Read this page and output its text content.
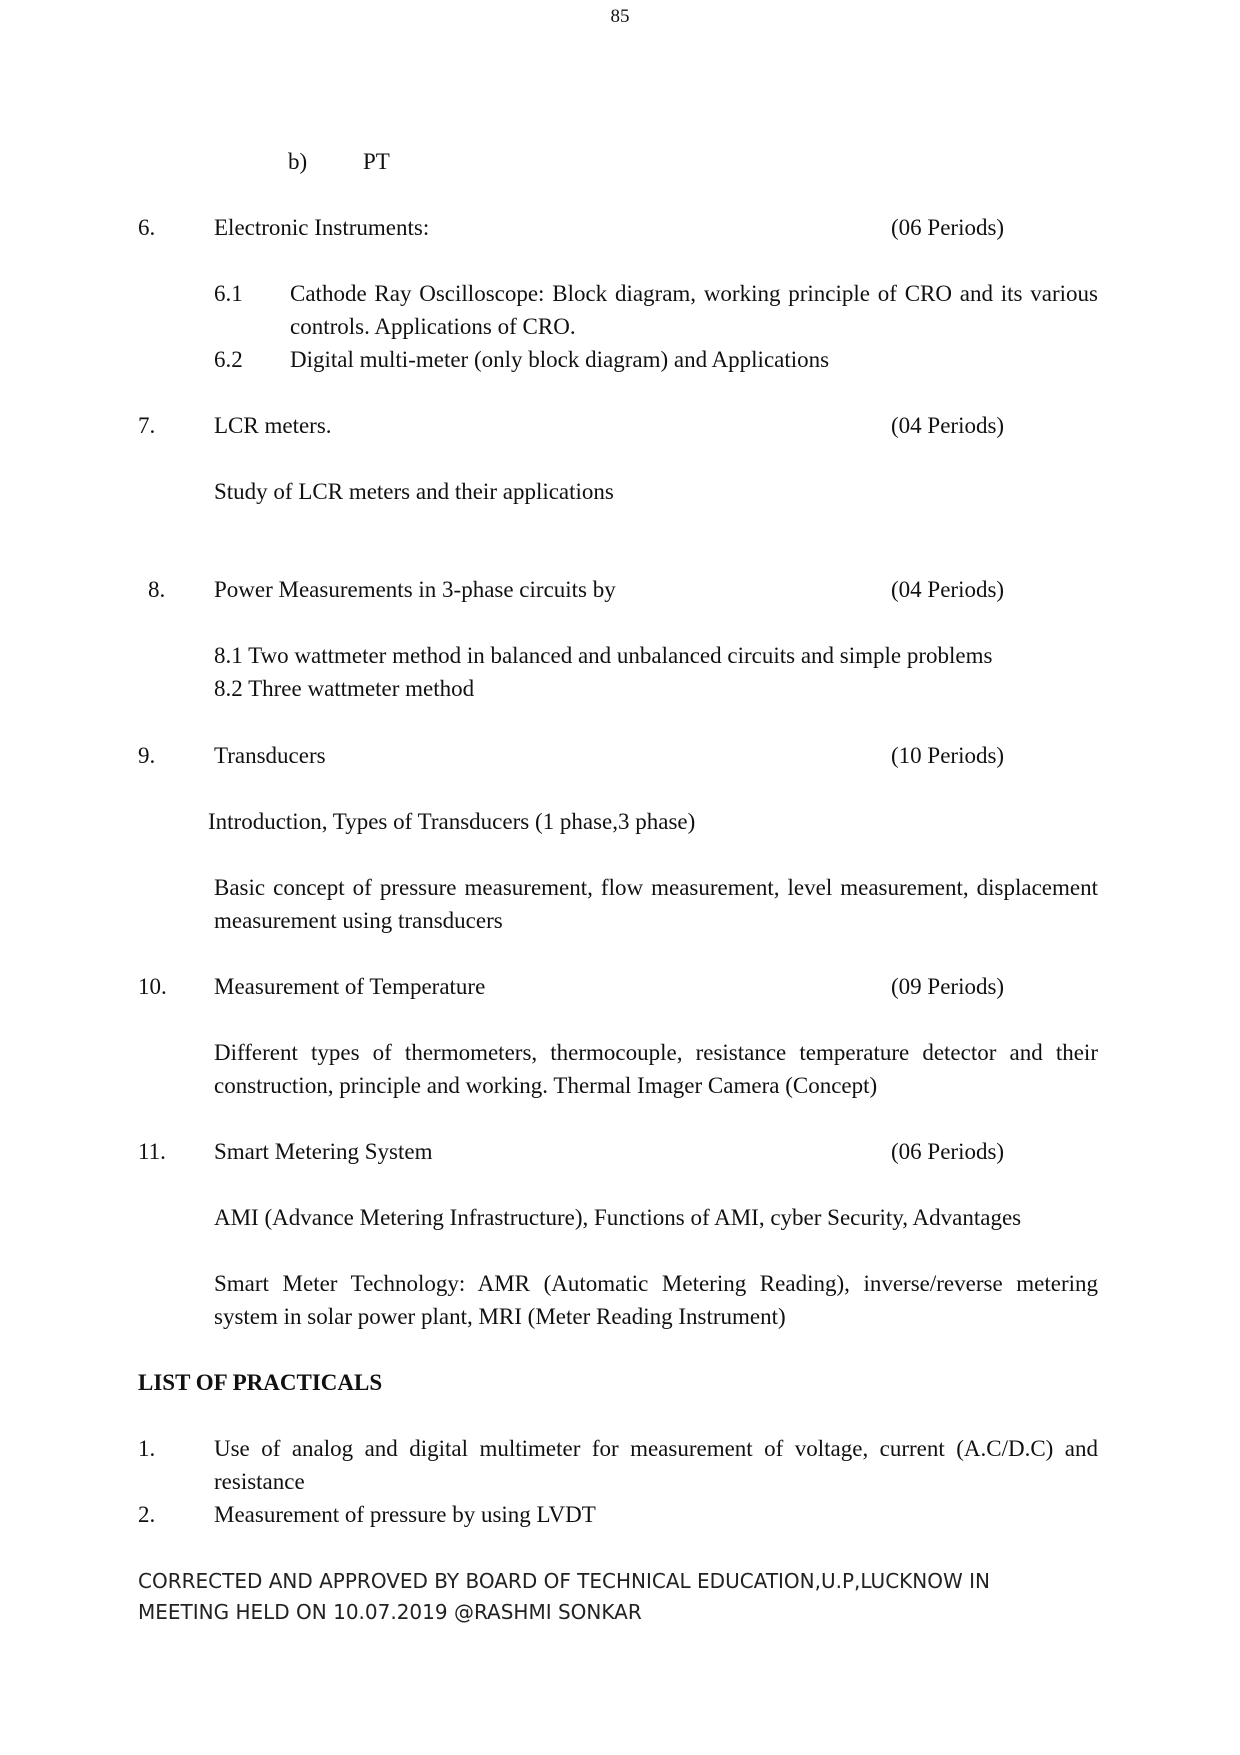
85
b) PT
6.	Electronic Instruments:	(06 Periods)
6.1 Cathode Ray Oscilloscope: Block diagram, working principle of CRO and its various controls. Applications of CRO.
6.2 Digital multi-meter (only block diagram) and Applications
7.	LCR meters.	(04 Periods)
Study of LCR meters and their applications
8. Power Measurements in 3-phase circuits by	(04 Periods)
8.1 Two wattmeter method in balanced and unbalanced circuits and simple problems
8.2 Three wattmeter method
9.	Transducers	(10 Periods)
Introduction, Types of Transducers (1 phase,3 phase)
Basic concept of pressure measurement, flow measurement, level measurement, displacement measurement using transducers
10. Measurement of Temperature	(09 Periods)
Different types of thermometers, thermocouple, resistance temperature detector and their construction, principle and working. Thermal Imager Camera (Concept)
11. Smart Metering System	(06 Periods)
AMI (Advance Metering Infrastructure), Functions of AMI, cyber Security, Advantages
Smart Meter Technology: AMR (Automatic Metering Reading), inverse/reverse metering system in solar power plant, MRI (Meter Reading Instrument)
LIST OF PRACTICALS
1.	Use of analog and digital multimeter for measurement of voltage, current (A.C/D.C) and resistance
2.	Measurement of pressure by using LVDT
CORRECTED AND APPROVED BY BOARD OF TECHNICAL EDUCATION,U.P,LUCKNOW IN
MEETING HELD ON 10.07.2019 @RASHMI SONKAR
